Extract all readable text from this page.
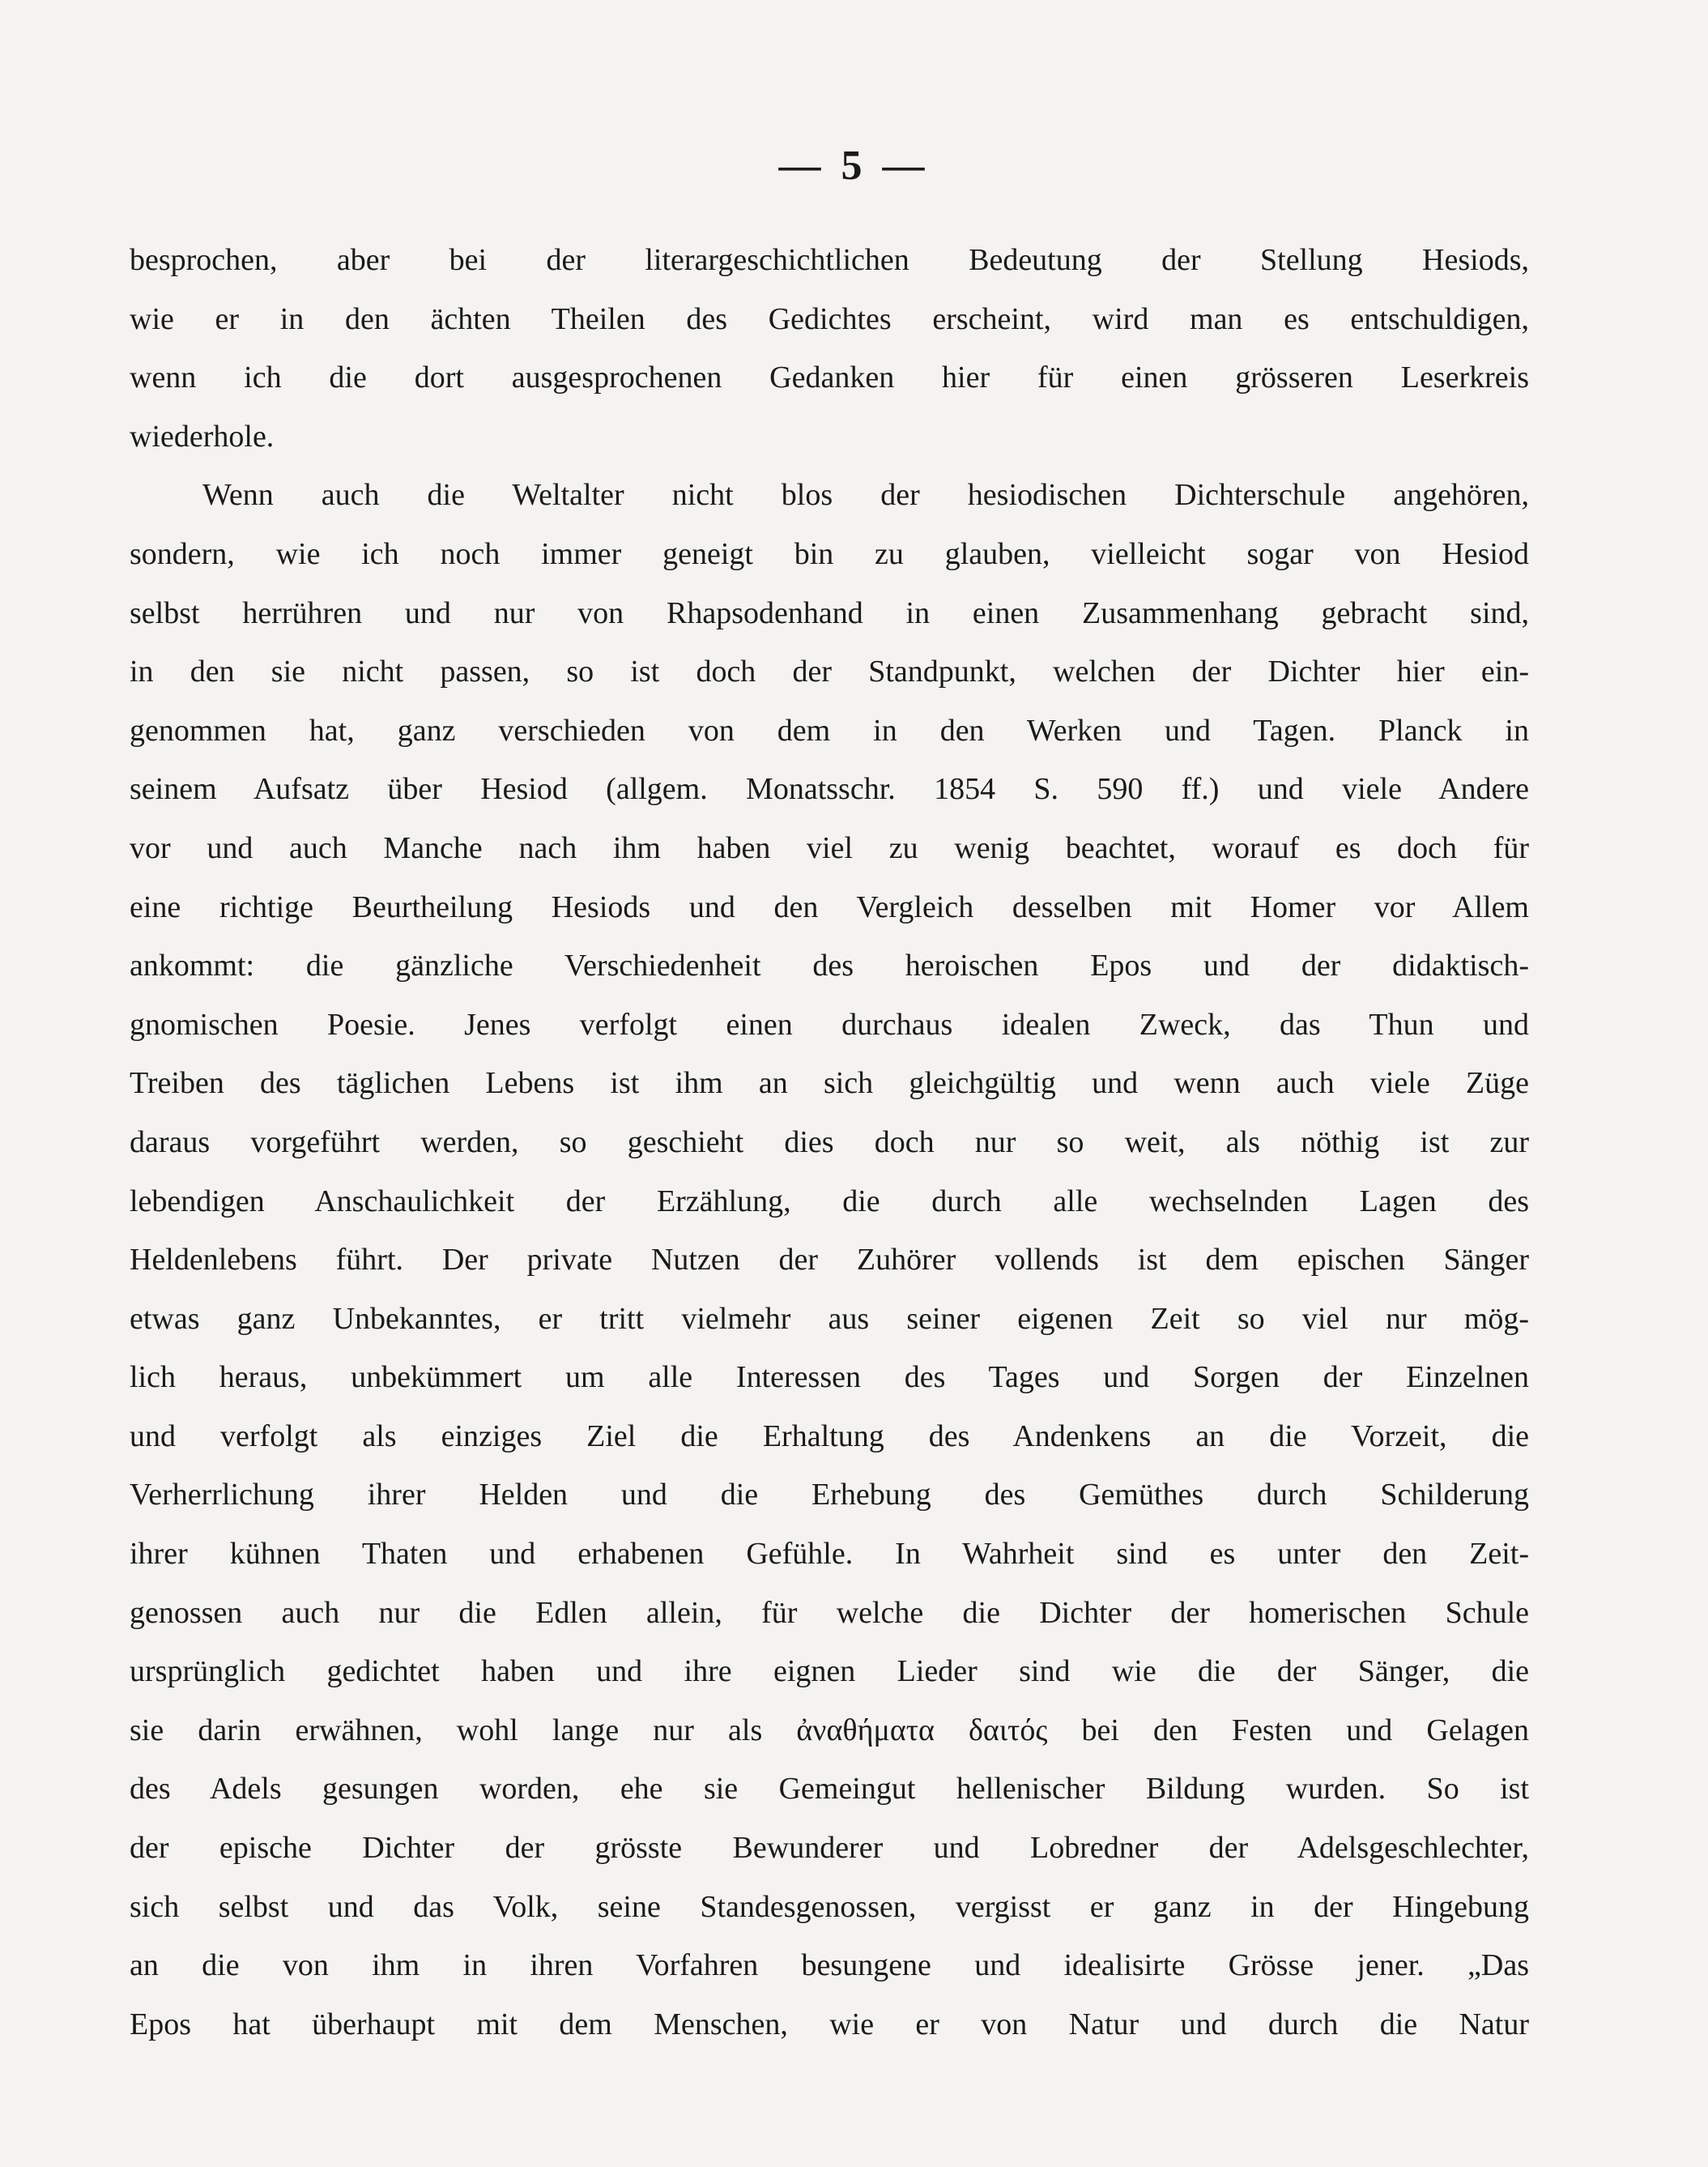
— 5 —
besprochen, aber bei der literargeschichtlichen Bedeutung der Stellung Hesiods,
wie er in den ächten Theilen des Gedichtes erscheint, wird man es entschuldigen,
wenn ich die dort ausgesprochenen Gedanken hier für einen grösseren Leserkreis
wiederhole.
Wenn auch die Weltalter nicht blos der hesiodischen Dichterschule angehören,
sondern, wie ich noch immer geneigt bin zu glauben, vielleicht sogar von Hesiod
selbst herrühren und nur von Rhapsodenhand in einen Zusammenhang gebracht sind,
in den sie nicht passen, so ist doch der Standpunkt, welchen der Dichter hier ein-
genommen hat, ganz verschieden von dem in den Werken und Tagen. Planck in
seinem Aufsatz über Hesiod (allgem. Monatsschr. 1854 S. 590 ff.) und viele Andere
vor und auch Manche nach ihm haben viel zu wenig beachtet, worauf es doch für
eine richtige Beurtheilung Hesiods und den Vergleich desselben mit Homer vor Allem
ankommt: die gänzliche Verschiedenheit des heroischen Epos und der didaktisch-
gnomischen Poesie. Jenes verfolgt einen durchaus idealen Zweck, das Thun und
Treiben des täglichen Lebens ist ihm an sich gleichgültig und wenn auch viele Züge
daraus vorgeführt werden, so geschieht dies doch nur so weit, als nöthig ist zur
lebendigen Anschaulichkeit der Erzählung, die durch alle wechselnden Lagen des
Heldenlebens führt. Der private Nutzen der Zuhörer vollends ist dem epischen Sänger
etwas ganz Unbekanntes, er tritt vielmehr aus seiner eigenen Zeit so viel nur mög-
lich heraus, unbekümmert um alle Interessen des Tages und Sorgen der Einzelnen
und verfolgt als einziges Ziel die Erhaltung des Andenkens an die Vorzeit, die
Verherrlichung ihrer Helden und die Erhebung des Gemüthes durch Schilderung
ihrer kühnen Thaten und erhabenen Gefühle. In Wahrheit sind es unter den Zeit-
genossen auch nur die Edlen allein, für welche die Dichter der homerischen Schule
ursprünglich gedichtet haben und ihre eignen Lieder sind wie die der Sänger, die
sie darin erwähnen, wohl lange nur als ἀναθήματα δαιτός bei den Festen und Gelagen
des Adels gesungen worden, ehe sie Gemeingut hellenischer Bildung wurden. So ist
der epische Dichter der grösste Bewunderer und Lobredner der Adelsgeschlechter,
sich selbst und das Volk, seine Standesgenossen, vergisst er ganz in der Hingebung
an die von ihm in ihren Vorfahren besungene und idealisirte Grösse jener. „Das
Epos hat überhaupt mit dem Menschen, wie er von Natur und durch die Natur
